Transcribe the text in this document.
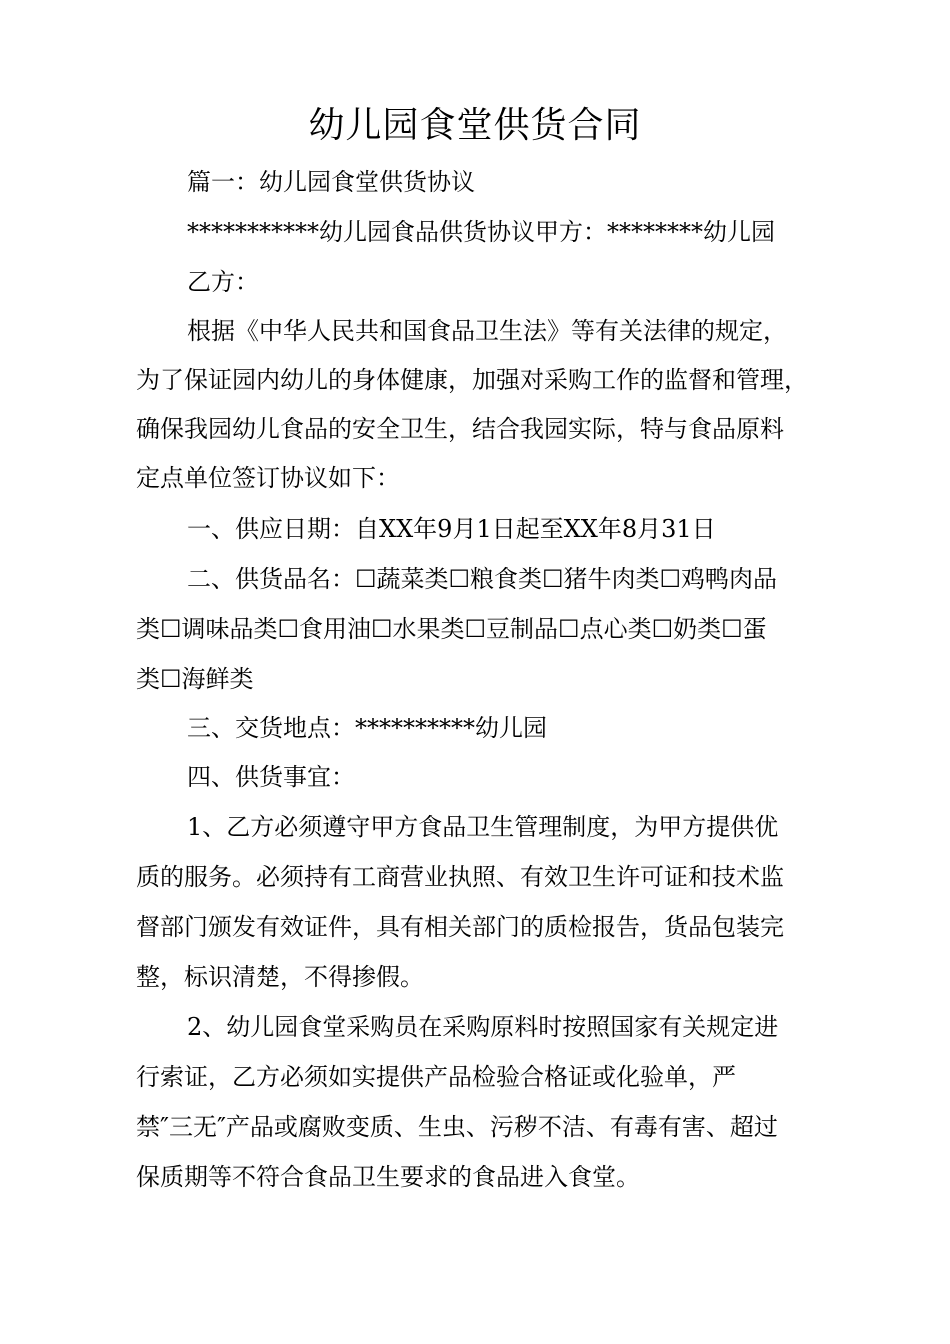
幼儿园食堂供货合同
篇一：幼儿园食堂供货协议
***********幼儿园食品供货协议甲方：********幼儿园
乙方：
根据《中华人民共和国食品卫生法》等有关法律的规定，
为了保证园内幼儿的身体健康，加强对采购工作的监督和管理，
确保我园幼儿食品的安全卫生，结合我园实际，特与食品原料
定点单位签订协议如下：
一、供应日期：自XX年9月1日起至XX年8月31日
二、供货品名：☐蔬菜类☐粮食类☐猪牛肉类☐鸡鸭肉品
类☐调味品类☐食用油☐水果类☐豆制品☐点心类☐奶类☐蛋
类☐海鲜类
三、交货地点：**********幼儿园
四、供货事宜：
1、乙方必须遵守甲方食品卫生管理制度，为甲方提供优
质的服务。必须持有工商营业执照、有效卫生许可证和技术监
督部门颁发有效证件，具有相关部门的质检报告，货品包装完
整，标识清楚，不得掺假。
2、幼儿园食堂采购员在采购原料时按照国家有关规定进
行索证，乙方必须如实提供产品检验合格证或化验单，严
禁″三无″产品或腐败变质、生虫、污秽不洁、有毒有害、超过
保质期等不符合食品卫生要求的食品进入食堂。
